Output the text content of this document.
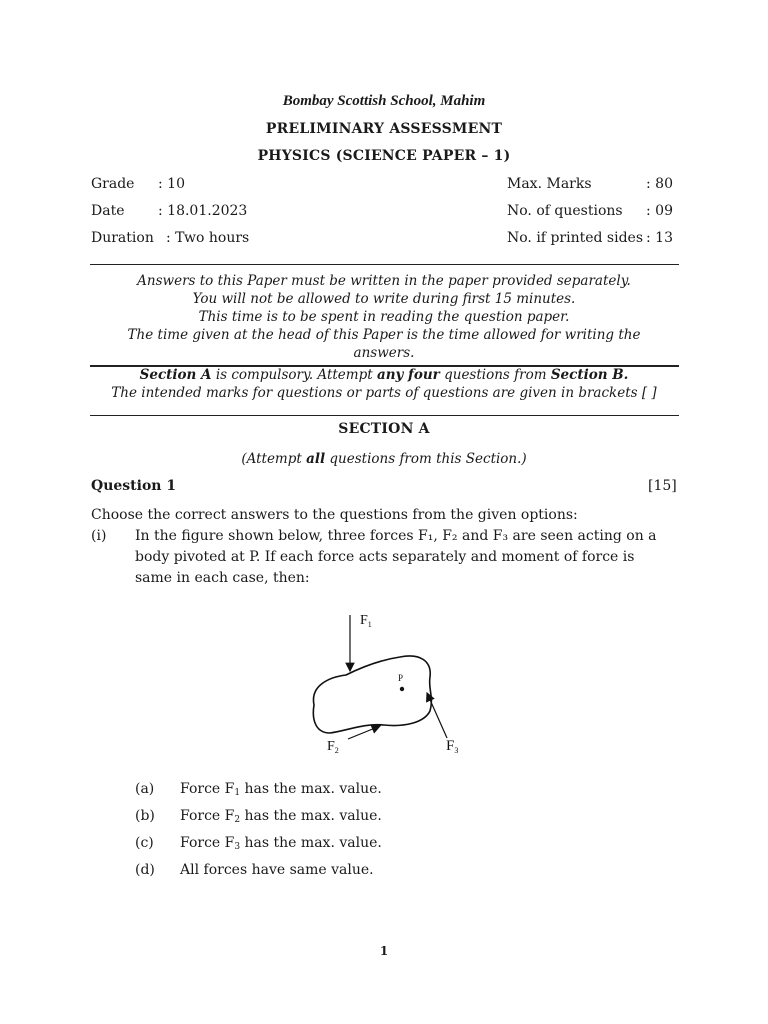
Bombay Scottish School, Mahim
PRELIMINARY ASSESSMENT
PHYSICS (SCIENCE PAPER – 1)
Grade : 10
Date : 18.01.2023
Duration : Two hours
Max. Marks	: 80
No. of questions : 09
No. if printed sides : 13
Answers to this Paper must be written in the paper provided separately.
You will not be allowed to write during first 15 minutes.
This time is to be spent in reading the question paper.
The time given at the head of this Paper is the time allowed for writing the
answers.
Section A is compulsory. Attempt any four questions from Section B.
The intended marks for questions or parts of questions are given in brackets [ ]
SECTION A
(Attempt all questions from this Section.)
Question 1	[15]
Choose the correct answers to the questions from the given options:
(i) In the figure shown below, three forces F₁, F₂ and F₃ are seen acting on a
body pivoted at P. If each force acts separately and moment of force is
same in each case, then:
$F_1$
P
$F_2$	$F_3$
(a) Force $F_1$ has the max. value.
(b) Force $F_2$ has the max. value.
(c) Force $F_3$ has the max. value.
(d) All forces have same value.
1
